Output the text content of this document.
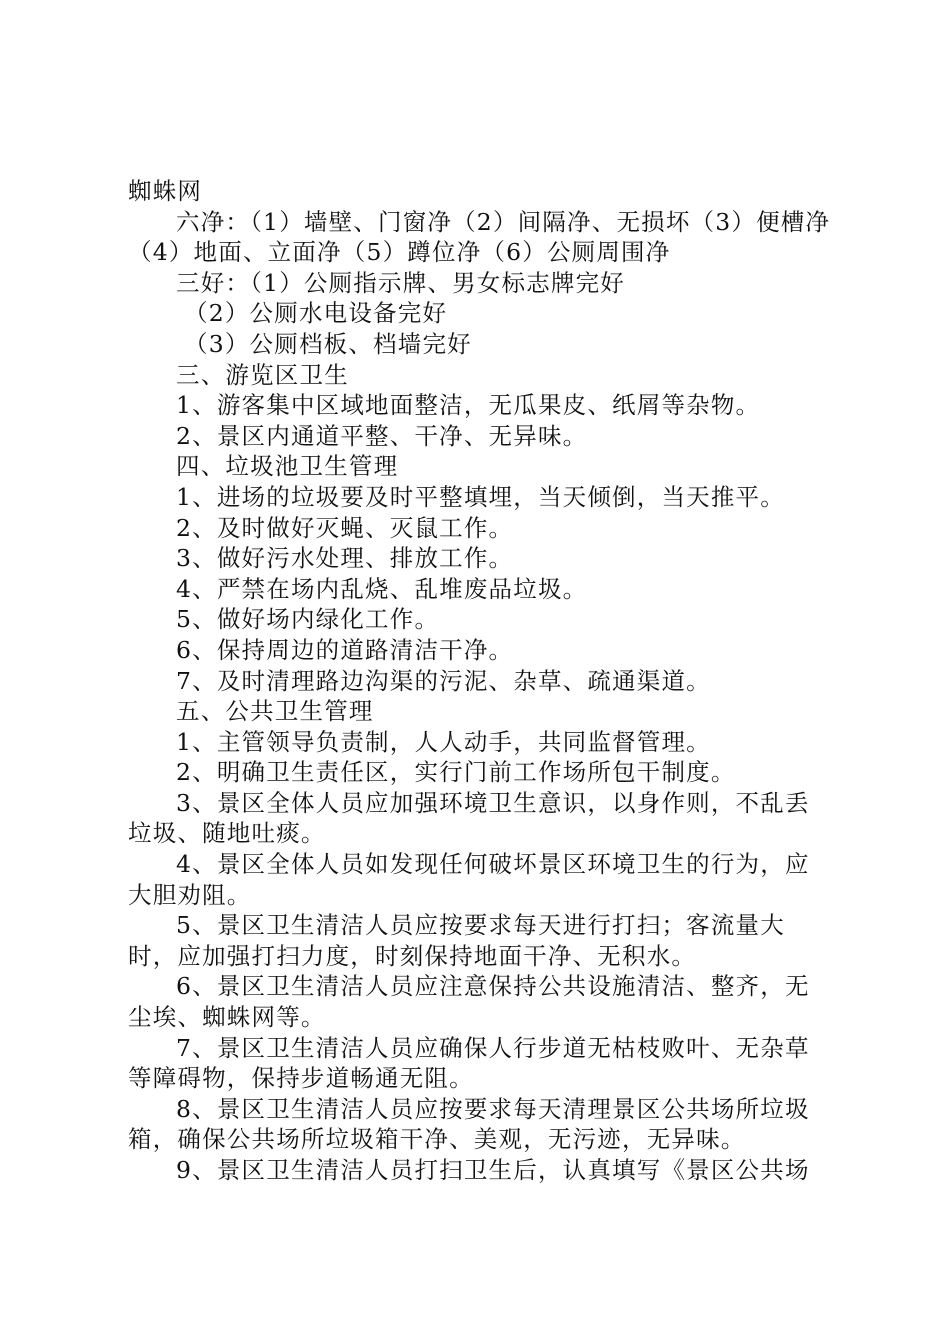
蜘蛛网

六净：（1）墙壁、门窗净（2）间隔净、无损坏（3）便槽净（4）地面、立面净（5）蹲位净（6）公厕周围净

三好：（1）公厕指示牌、男女标志牌完好

（2）公厕水电设备完好

（3）公厕档板、档墙完好

三、游览区卫生

1、游客集中区域地面整洁，无瓜果皮、纸屑等杂物。

2、景区内通道平整、干净、无异味。

四、垃圾池卫生管理

1、进场的垃圾要及时平整填埋，当天倾倒，当天推平。

2、及时做好灭蝇、灭鼠工作。

3、做好污水处理、排放工作。

4、严禁在场内乱烧、乱堆废品垃圾。

5、做好场内绿化工作。

6、保持周边的道路清洁干净。

7、及时清理路边沟渠的污泥、杂草、疏通渠道。

五、公共卫生管理

1、主管领导负责制，人人动手，共同监督管理。

2、明确卫生责任区，实行门前工作场所包干制度。

3、景区全体人员应加强环境卫生意识，以身作则，不乱丢垃圾、随地吐痰。

4、景区全体人员如发现任何破坏景区环境卫生的行为，应大胆劝阻。

5、景区卫生清洁人员应按要求每天进行打扫；客流量大时，应加强打扫力度，时刻保持地面干净、无积水。

6、景区卫生清洁人员应注意保持公共设施清洁、整齐，无尘埃、蜘蛛网等。

7、景区卫生清洁人员应确保人行步道无枯枝败叶、无杂草等障碍物，保持步道畅通无阻。

8、景区卫生清洁人员应按要求每天清理景区公共场所垃圾箱，确保公共场所垃圾箱干净、美观，无污迹，无异味。

9、景区卫生清洁人员打扫卫生后，认真填写《景区公共场
